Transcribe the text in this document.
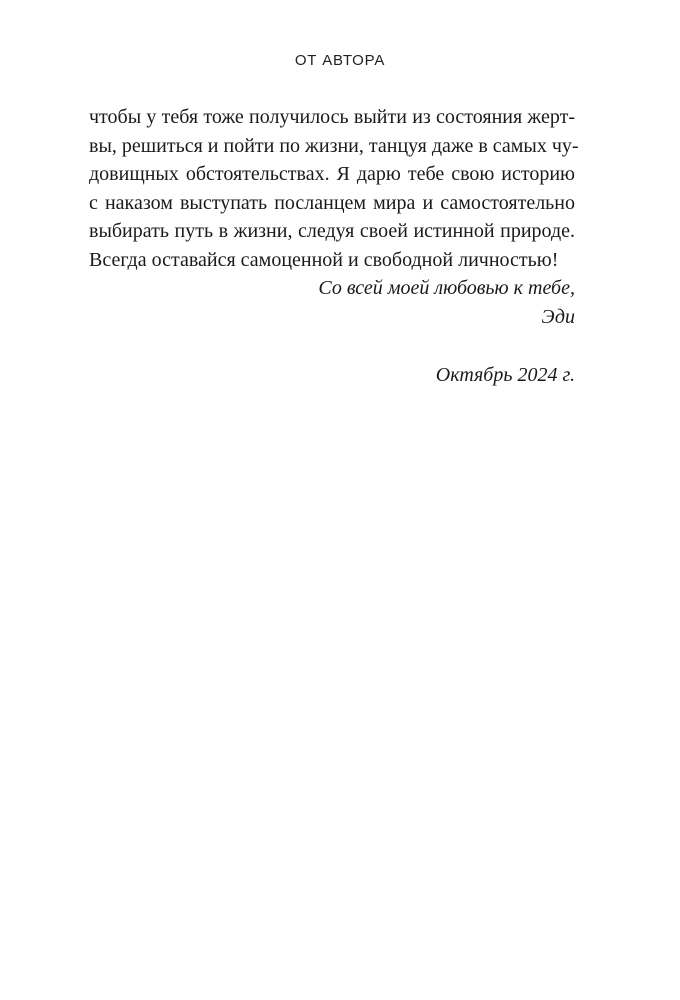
ОТ АВТОРА
чтобы у тебя тоже получилось выйти из состояния жерт-
вы, решиться и пойти по жизни, танцуя даже в самых чу-
довищных обстоятельствах. Я дарю тебе свою историю
с наказом выступать посланцем мира и самостоятельно
выбирать путь в жизни, следуя своей истинной природе.
Всегда оставайся самоценной и свободной личностью!
Со всей моей любовью к тебе,
Эди
Октябрь 2024 г.
